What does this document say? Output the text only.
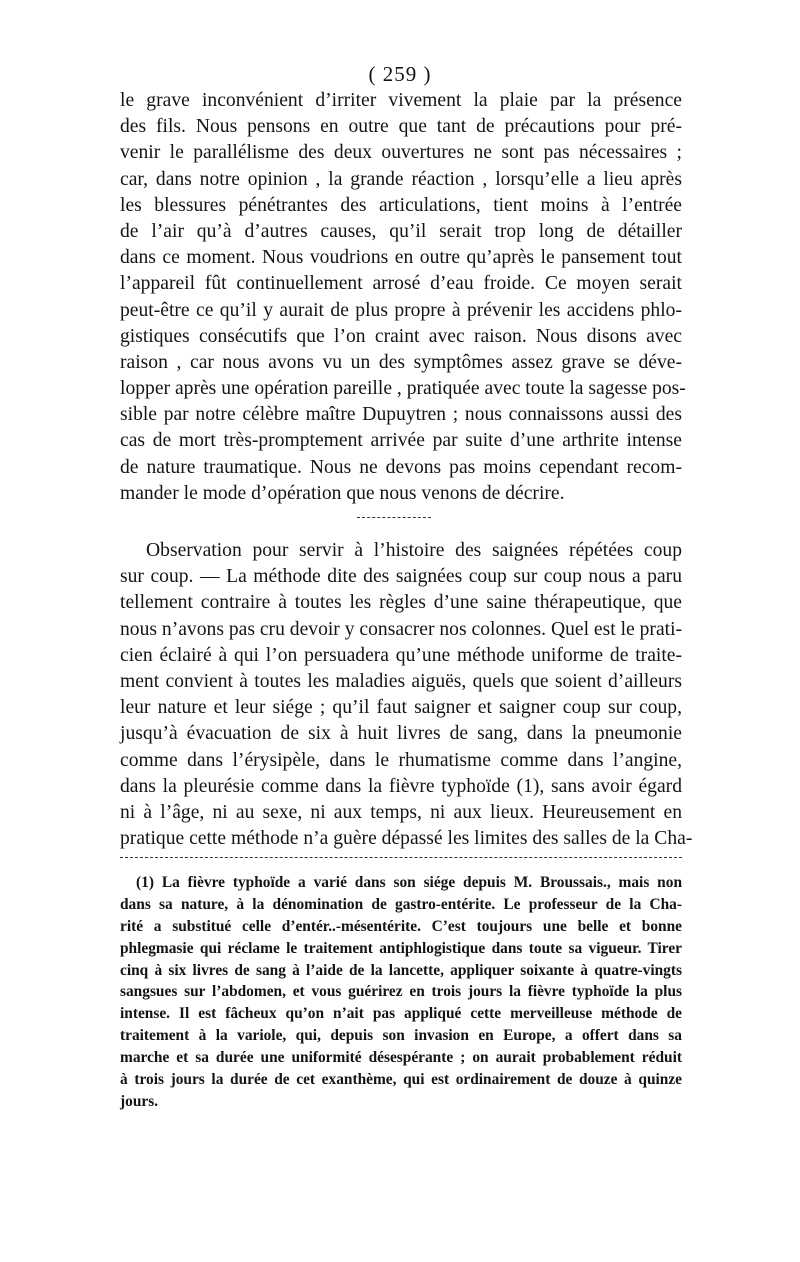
( 259 )
le grave inconvénient d’irriter vivement la plaie par la présence
des fils. Nous pensons en outre que tant de précautions pour pré-
venir le parallélisme des deux ouvertures ne sont pas nécessaires ;
car, dans notre opinion , la grande réaction , lorsqu’elle a lieu après
les blessures pénétrantes des articulations, tient moins à l’entrée
de l’air qu’à d’autres causes, qu’il serait trop long de détailler
dans ce moment. Nous voudrions en outre qu’après le pansement tout
l’appareil fût continuellement arrosé d’eau froide. Ce moyen serait
peut-être ce qu’il y aurait de plus propre à prévenir les accidens phlo-
gistiques consécutifs que l’on craint avec raison. Nous disons avec
raison , car nous avons vu un des symptômes assez grave se déve-
lopper après une opération pareille , pratiquée avec toute la sagesse pos-
sible par notre célèbre maître Dupuytren ; nous connaissons aussi des
cas de mort très-promptement arrivée par suite d’une arthrite intense
de nature traumatique. Nous ne devons pas moins cependant recom-
mander le mode d’opération que nous venons de décrire.
Observation pour servir à l’histoire des saignées répétées coup
sur coup. — La méthode dite des saignées coup sur coup nous a paru
tellement contraire à toutes les règles d’une saine thérapeutique, que
nous n’avons pas cru devoir y consacrer nos colonnes. Quel est le prati-
cien éclairé à qui l’on persuadera qu’une méthode uniforme de traite-
ment convient à toutes les maladies aiguës, quels que soient d’ailleurs
leur nature et leur siége ; qu’il faut saigner et saigner coup sur coup,
jusqu’à évacuation de six à huit livres de sang, dans la pneumonie
comme dans l’érysipèle, dans le rhumatisme comme dans l’angine,
dans la pleurésie comme dans la fièvre typhoïde (1), sans avoir égard
ni à l’âge, ni au sexe, ni aux temps, ni aux lieux. Heureusement en
pratique cette méthode n’a guère dépassé les limites des salles de la Cha-
(1) La fièvre typhoïde a varié dans son siége depuis M. Broussais., mais non
dans sa nature, à la dénomination de gastro-entérite. Le professeur de la Cha-
rité a substitué celle d’entér..-mésentérite. C’est toujours une belle et bonne
phlegmasie qui réclame le traitement antiphlogistique dans toute sa vigueur. Tirer
cinq à six livres de sang à l’aide de la lancette, appliquer soixante à quatre-vingts
sangsues sur l’abdomen, et vous guérirez en trois jours la fièvre typhoïde la plus
intense. Il est fâcheux qu’on n’ait pas appliqué cette merveilleuse méthode de
traitement à la variole, qui, depuis son invasion en Europe, a offert dans sa
marche et sa durée une uniformité désespérante ; on aurait probablement réduit
à trois jours la durée de cet exanthème, qui est ordinairement de douze à quinze
jours.
